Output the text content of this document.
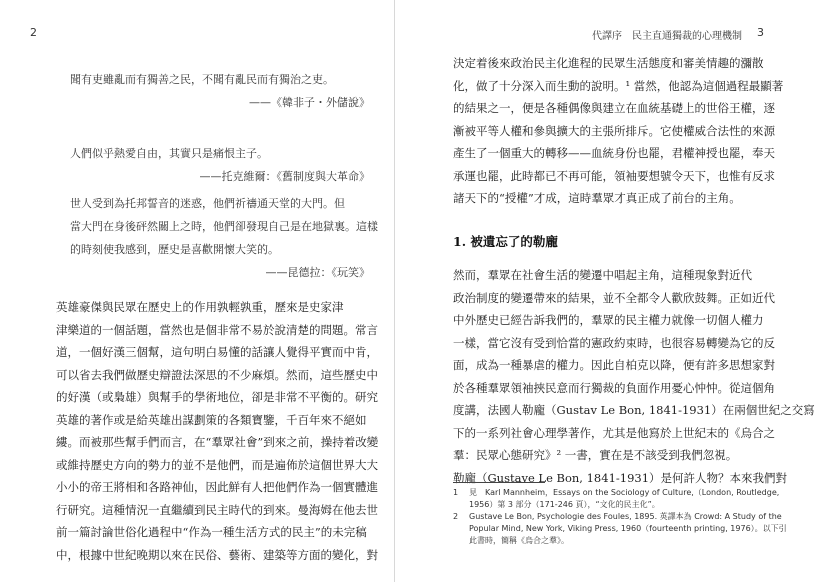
2
聞有吏雖亂而有獨善之民，不聞有亂民而有獨治之吏。
——《韓非子・外儲說》
人們似乎熱愛自由，其實只是痛恨主子。
——托克維爾：《舊制度與大革命》
世人受到為托邦誓音的迷惑，他們祈禱通天堂的大門。但
當大門在身後砰然關上之時，他們卻發現自己是在地獄裏。這樣
的時刻使我感到，歷史是喜歡開懷大笑的。
——昆德拉：《玩笑》
英雄豪傑與民眾在歷史上的作用孰輕孰重，歷來是史家津
津樂道的一個話題，當然也是個非常不易於說清楚的問題。常言
道，一個好漢三個幫，這句明白易懂的話讓人覺得平實而中肯，
可以省去我們做歷史辯證法深思的不少麻煩。然而，這些歷史中
的好漢（或梟雄）與幫手的學術地位，卻是非常不平衡的。研究
英雄的著作或是給英雄出謀劃策的各類寶鑒，千百年來不絕如
縷。而被那些幫手們而言，在“羣眾社會”到來之前，操持着改變
或維持歷史方向的勢力的並不是他們，而是遍佈於這個世界大大
小小的帝王將相和各路神仙，因此鮮有人把他們作為一個實體進
行研究。這種情況一直繼續到民主時代的到來。曼海姆在他去世
前一篇討論世俗化過程中“作為一種生活方式的民主”的未完稿
中，根據中世紀晚期以來在民俗、藝術、建築等方面的變化，對
代譯序　民主直通獨裁的心理機制 3
決定着後來政治民主化進程的民眾生活態度和審美情趣的瀰散
化，做了十分深入而生動的說明。¹ 當然，他認為這個過程最顯著
的結果之一，便是各種偶像與建立在血統基礎上的世俗王權，逐
漸被平等人權和參與擴大的主張所排斥。它使權威合法性的來源
產生了一個重大的轉移——血統身份也罷，君權神授也罷，奉天
承運也罷，此時都已不再可能，領袖要想號令天下，也惟有反求
諸天下的“授權”才成，這時羣眾才真正成了前台的主角。
1. 被遺忘了的勒龐
然而，羣眾在社會生活的變遷中唱起主角，這種現象對近代
政治制度的變遷帶來的結果，並不全都令人歡欣鼓舞。正如近代
中外歷史已經告訴我們的，羣眾的民主權力就像一切個人權力
一樣，當它沒有受到恰當的憲政約束時，也很容易轉變為它的反
面，成為一種暴虐的權力。因此自柏克以降，便有許多思想家對
於各種羣眾領袖挾民意而行獨裁的負面作用憂心忡忡。從這個角
度講，法國人勒龐（Gustav Le Bon, 1841-1931）在兩個世紀之交寫
下的一系列社會心理學著作，尤其是他寫於上世紀末的《烏合之
羣：民眾心態研究》² 一書，實在是不該受到我們忽視。
勒龐（Gustave Le Bon, 1841-1931）是何許人物？本來我們對
1 見　Karl Mannheim，Essays on the Sociology of Culture,（London, Routledge,
1956）第 3 部分（171-246 頁），“文化的民主化”。
2 Gustave Le Bon, Psychologie des Foules, 1895. 英譯本為 Crowd: A Study of the
Popular Mind, New York, Viking Press, 1960（fourteenth printing, 1976）。以下引
此書時，簡稱《烏合之羣》。
